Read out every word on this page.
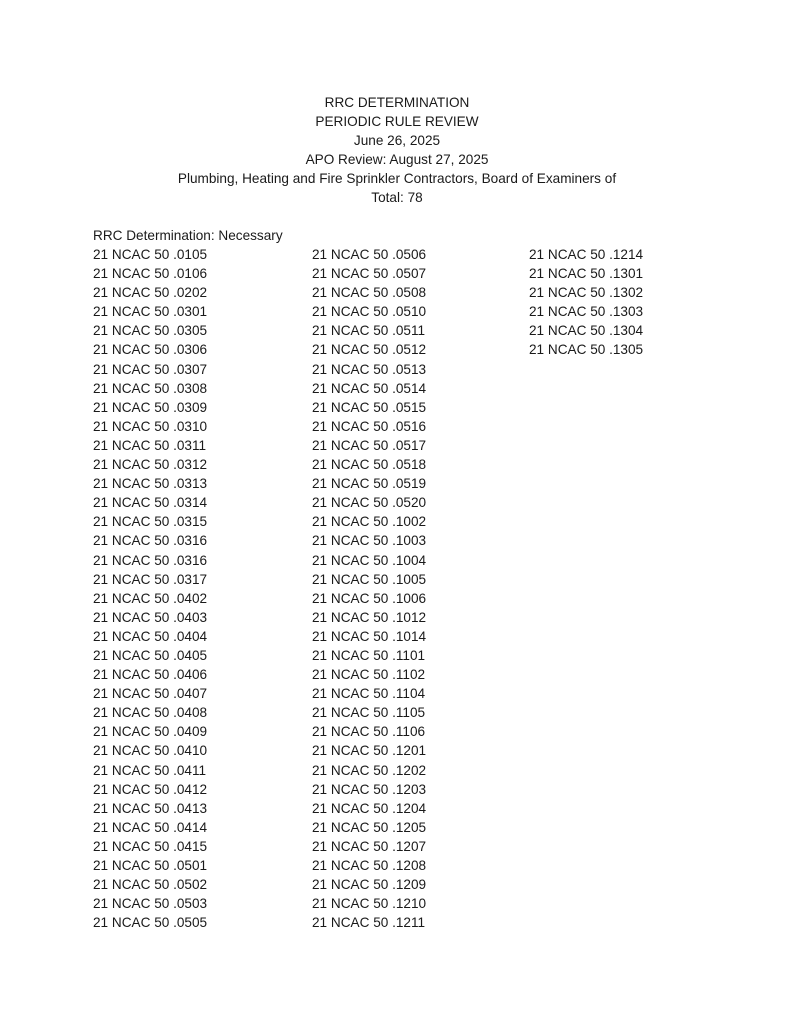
RRC DETERMINATION
PERIODIC RULE REVIEW
June 26, 2025
APO Review: August 27, 2025
Plumbing, Heating and Fire Sprinkler Contractors, Board of Examiners of
Total: 78
RRC Determination: Necessary
21 NCAC 50 .0105
21 NCAC 50 .0106
21 NCAC 50 .0202
21 NCAC 50 .0301
21 NCAC 50 .0305
21 NCAC 50 .0306
21 NCAC 50 .0307
21 NCAC 50 .0308
21 NCAC 50 .0309
21 NCAC 50 .0310
21 NCAC 50 .0311
21 NCAC 50 .0312
21 NCAC 50 .0313
21 NCAC 50 .0314
21 NCAC 50 .0315
21 NCAC 50 .0316
21 NCAC 50 .0316
21 NCAC 50 .0317
21 NCAC 50 .0402
21 NCAC 50 .0403
21 NCAC 50 .0404
21 NCAC 50 .0405
21 NCAC 50 .0406
21 NCAC 50 .0407
21 NCAC 50 .0408
21 NCAC 50 .0409
21 NCAC 50 .0410
21 NCAC 50 .0411
21 NCAC 50 .0412
21 NCAC 50 .0413
21 NCAC 50 .0414
21 NCAC 50 .0415
21 NCAC 50 .0501
21 NCAC 50 .0502
21 NCAC 50 .0503
21 NCAC 50 .0505
21 NCAC 50 .0506
21 NCAC 50 .0507
21 NCAC 50 .0508
21 NCAC 50 .0510
21 NCAC 50 .0511
21 NCAC 50 .0512
21 NCAC 50 .0513
21 NCAC 50 .0514
21 NCAC 50 .0515
21 NCAC 50 .0516
21 NCAC 50 .0517
21 NCAC 50 .0518
21 NCAC 50 .0519
21 NCAC 50 .0520
21 NCAC 50 .1002
21 NCAC 50 .1003
21 NCAC 50 .1004
21 NCAC 50 .1005
21 NCAC 50 .1006
21 NCAC 50 .1012
21 NCAC 50 .1014
21 NCAC 50 .1101
21 NCAC 50 .1102
21 NCAC 50 .1104
21 NCAC 50 .1105
21 NCAC 50 .1106
21 NCAC 50 .1201
21 NCAC 50 .1202
21 NCAC 50 .1203
21 NCAC 50 .1204
21 NCAC 50 .1205
21 NCAC 50 .1207
21 NCAC 50 .1208
21 NCAC 50 .1209
21 NCAC 50 .1210
21 NCAC 50 .1211
21 NCAC 50 .1214
21 NCAC 50 .1301
21 NCAC 50 .1302
21 NCAC 50 .1303
21 NCAC 50 .1304
21 NCAC 50 .1305
